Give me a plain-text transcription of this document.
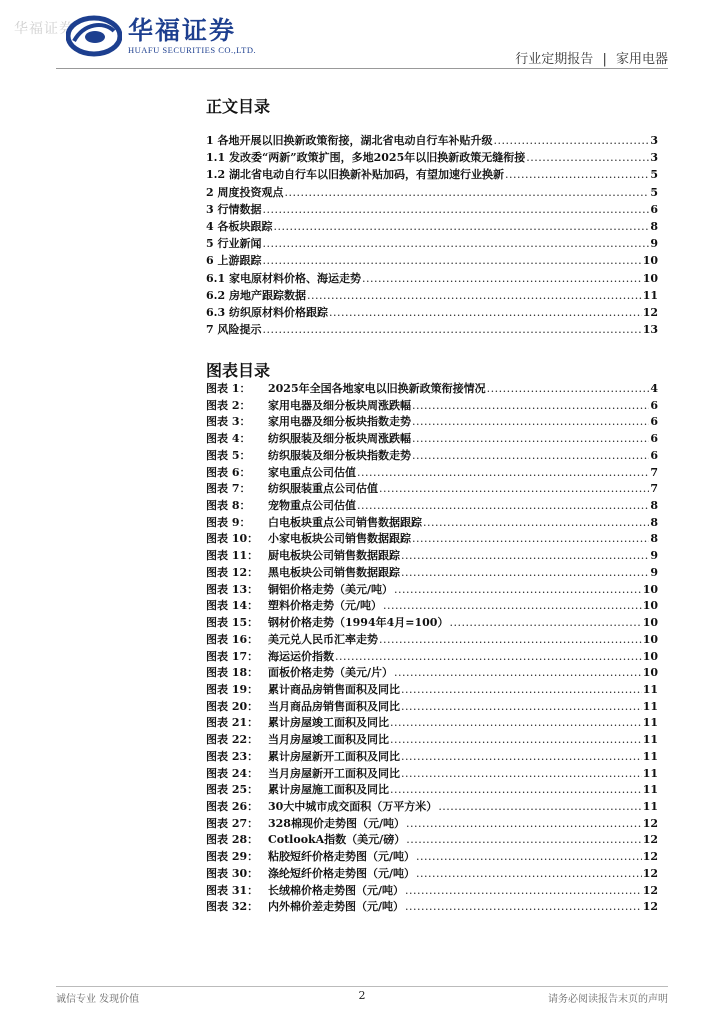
华福证券 华福证券
HUAFU SECURITIES CO.,LTD.
行业定期报告 | 家用电器
正文目录
1 各地开展以旧换新政策衔接，湖北省电动自行车补贴升级 .....	3
1.1 发改委“两新”政策扩围，多地2025年以旧换新政策无缝衔接 .....	3
1.2 湖北省电动自行车以旧换新补贴加码，有望加速行业换新 .....	5
2 周度投资观点 .....	5
3 行情数据 .....	6
4 各板块跟踪 .....	8
5 行业新闻 .....	9
6 上游跟踪 .....	10
6.1 家电原材料价格、海运走势 .....	10
6.2 房地产跟踪数据 .....	11
6.3 纺织原材料价格跟踪 .....	12
7 风险提示 .....	13
图表目录
图表 1： 2025年全国各地家电以旧换新政策衔接情况 .....	4
图表 2： 家用电器及细分板块周涨跌幅 .....	6
图表 3： 家用电器及细分板块指数走势 .....	6
图表 4： 纺织服装及细分板块周涨跌幅 .....	6
图表 5： 纺织服装及细分板块指数走势 .....	6
图表 6： 家电重点公司估值 .....	7
图表 7： 纺织服装重点公司估值 .....	7
图表 8： 宠物重点公司估值 .....	8
图表 9： 白电板块重点公司销售数据跟踪 .....	8
图表 10： 小家电板块公司销售数据跟踪 .....	8
图表 11： 厨电板块公司销售数据跟踪 .....	9
图表 12： 黑电板块公司销售数据跟踪 .....	9
图表 13： 铜铝价格走势（美元/吨） .....	10
图表 14： 塑料价格走势（元/吨） .....	10
图表 15： 钢材价格走势（1994年4月=100） .....	10
图表 16： 美元兑人民币汇率走势 .....	10
图表 17： 海运运价指数 .....	10
图表 18： 面板价格走势（美元/片） .....	10
图表 19： 累计商品房销售面积及同比 .....	11
图表 20： 当月商品房销售面积及同比 .....	11
图表 21： 累计房屋竣工面积及同比 .....	11
图表 22： 当月房屋竣工面积及同比 .....	11
图表 23： 累计房屋新开工面积及同比 .....	11
图表 24： 当月房屋新开工面积及同比 .....	11
图表 25： 累计房屋施工面积及同比 .....	11
图表 26： 30大中城市成交面积（万平方米） .....	11
图表 27： 328棉现价走势图（元/吨） .....	12
图表 28： CotlookA指数（美元/磅） .....	12
图表 29： 粘胶短纤价格走势图（元/吨） .....	12
图表 30： 涤纶短纤价格走势图（元/吨） .....	12
图表 31： 长绒棉价格走势图（元/吨） .....	12
图表 32： 内外棉价差走势图（元/吨） .....	12
诚信专业 发现价值	2	请务必阅读报告末页的声明
